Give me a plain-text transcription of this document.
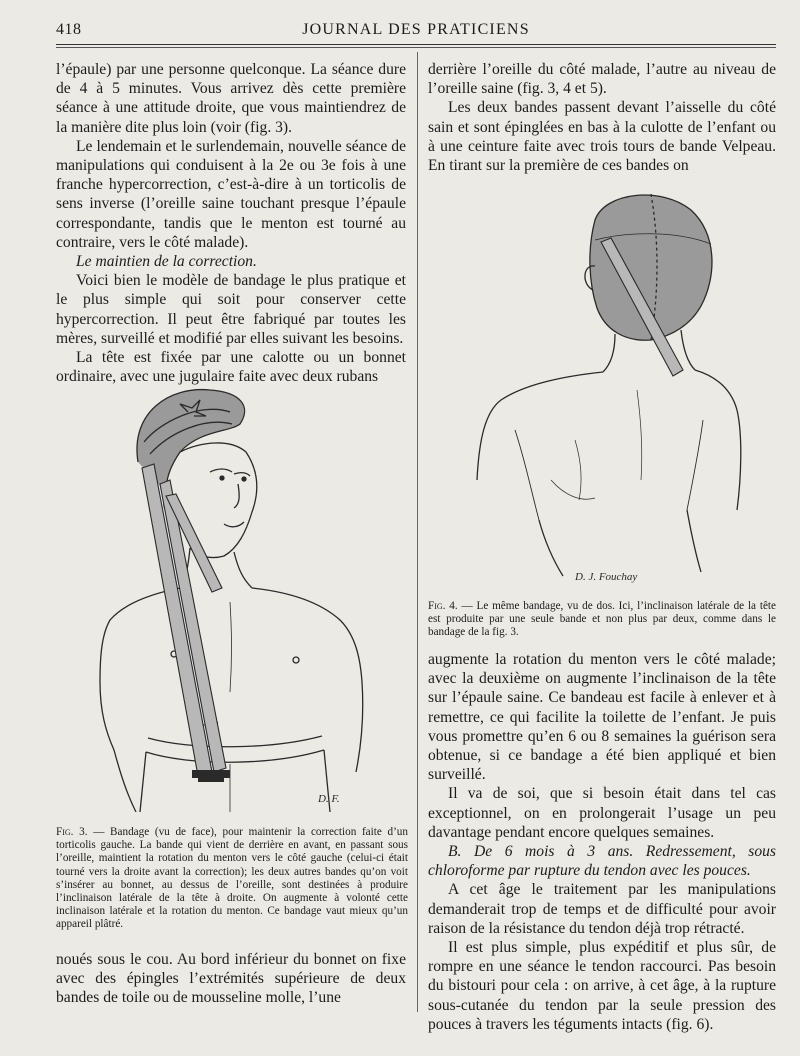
418	JOURNAL DES PRATICIENS

l’épaule) par une personne quelconque. La séance dure de 4 à 5 minutes. Vous arrivez dès cette première séance à une attitude droite, que vous maintiendrez de la manière dite plus loin (voir (fig. 3).

Le lendemain et le surlendemain, nouvelle séance de manipulations qui conduisent à la 2e ou 3e fois à une franche hypercorrection, c’est-à-dire à un torticolis de sens inverse (l’oreille saine touchant presque l’épaule correspondante, tandis que le menton est tourné au contraire, vers le côté malade).

Le maintien de la correction.

Voici bien le modèle de bandage le plus pratique et le plus simple qui soit pour conserver cette hypercorrection. Il peut être fabriqué par toutes les mères, surveillé et modifié par elles suivant les besoins.

La tête est fixée par une calotte ou un bonnet ordinaire, avec une jugulaire faite avec deux rubans

D. F.
Fig. 3. — Bandage (vu de face), pour maintenir la correction faite d’un torticolis gauche. La bande qui vient de derrière en avant, en passant sous l’oreille, maintient la rotation du menton vers le côté gauche (celui-ci était tourné vers la droite avant la correction); les deux autres bandes qu’on voit s’insérer au bonnet, au dessus de l’oreille, sont destinées à produire l’inclinaison latérale de la tête à droite. On augmente à volonté cette inclinaison latérale et la rotation du menton. Ce bandage vaut mieux qu’un appareil plâtré.

noués sous le cou. Au bord inférieur du bonnet on fixe avec des épingles l’extrémités supérieure de deux bandes de toile ou de mousseline molle, l’une

derrière l’oreille du côté malade, l’autre au niveau de l’oreille saine (fig. 3, 4 et 5).

Les deux bandes passent devant l’aisselle du côté sain et sont épinglées en bas à la culotte de l’enfant ou à une ceinture faite avec trois tours de bande Velpeau. En tirant sur la première de ces bandes on

D. J. Fouchay
Fig. 4. — Le même bandage, vu de dos. Ici, l’inclinaison latérale de la tête est produite par une seule bande et non plus par deux, comme dans le bandage de la fig. 3.

augmente la rotation du menton vers le côté malade; avec la deuxième on augmente l’inclinaison de la tête sur l’épaule saine. Ce bandeau est facile à enlever et à remettre, ce qui facilite la toilette de l’enfant. Je puis vous promettre qu’en 6 ou 8 semaines la guérison sera obtenue, si ce bandage a été bien appliqué et bien surveillé.

Il va de soi, que si besoin était dans tel cas exceptionnel, on en prolongerait l’usage un peu davantage pendant encore quelques semaines.

B. De 6 mois à 3 ans. Redressement, sous chloroforme par rupture du tendon avec les pouces.

A cet âge le traitement par les manipulations demanderait trop de temps et de difficulté pour avoir raison de la résistance du tendon déjà trop rétracté.

Il est plus simple, plus expéditif et plus sûr, de rompre en une séance le tendon raccourci. Pas besoin du bistouri pour cela : on arrive, à cet âge, à la rupture sous-cutanée du tendon par la seule pression des pouces à travers les téguments intacts (fig. 6).
